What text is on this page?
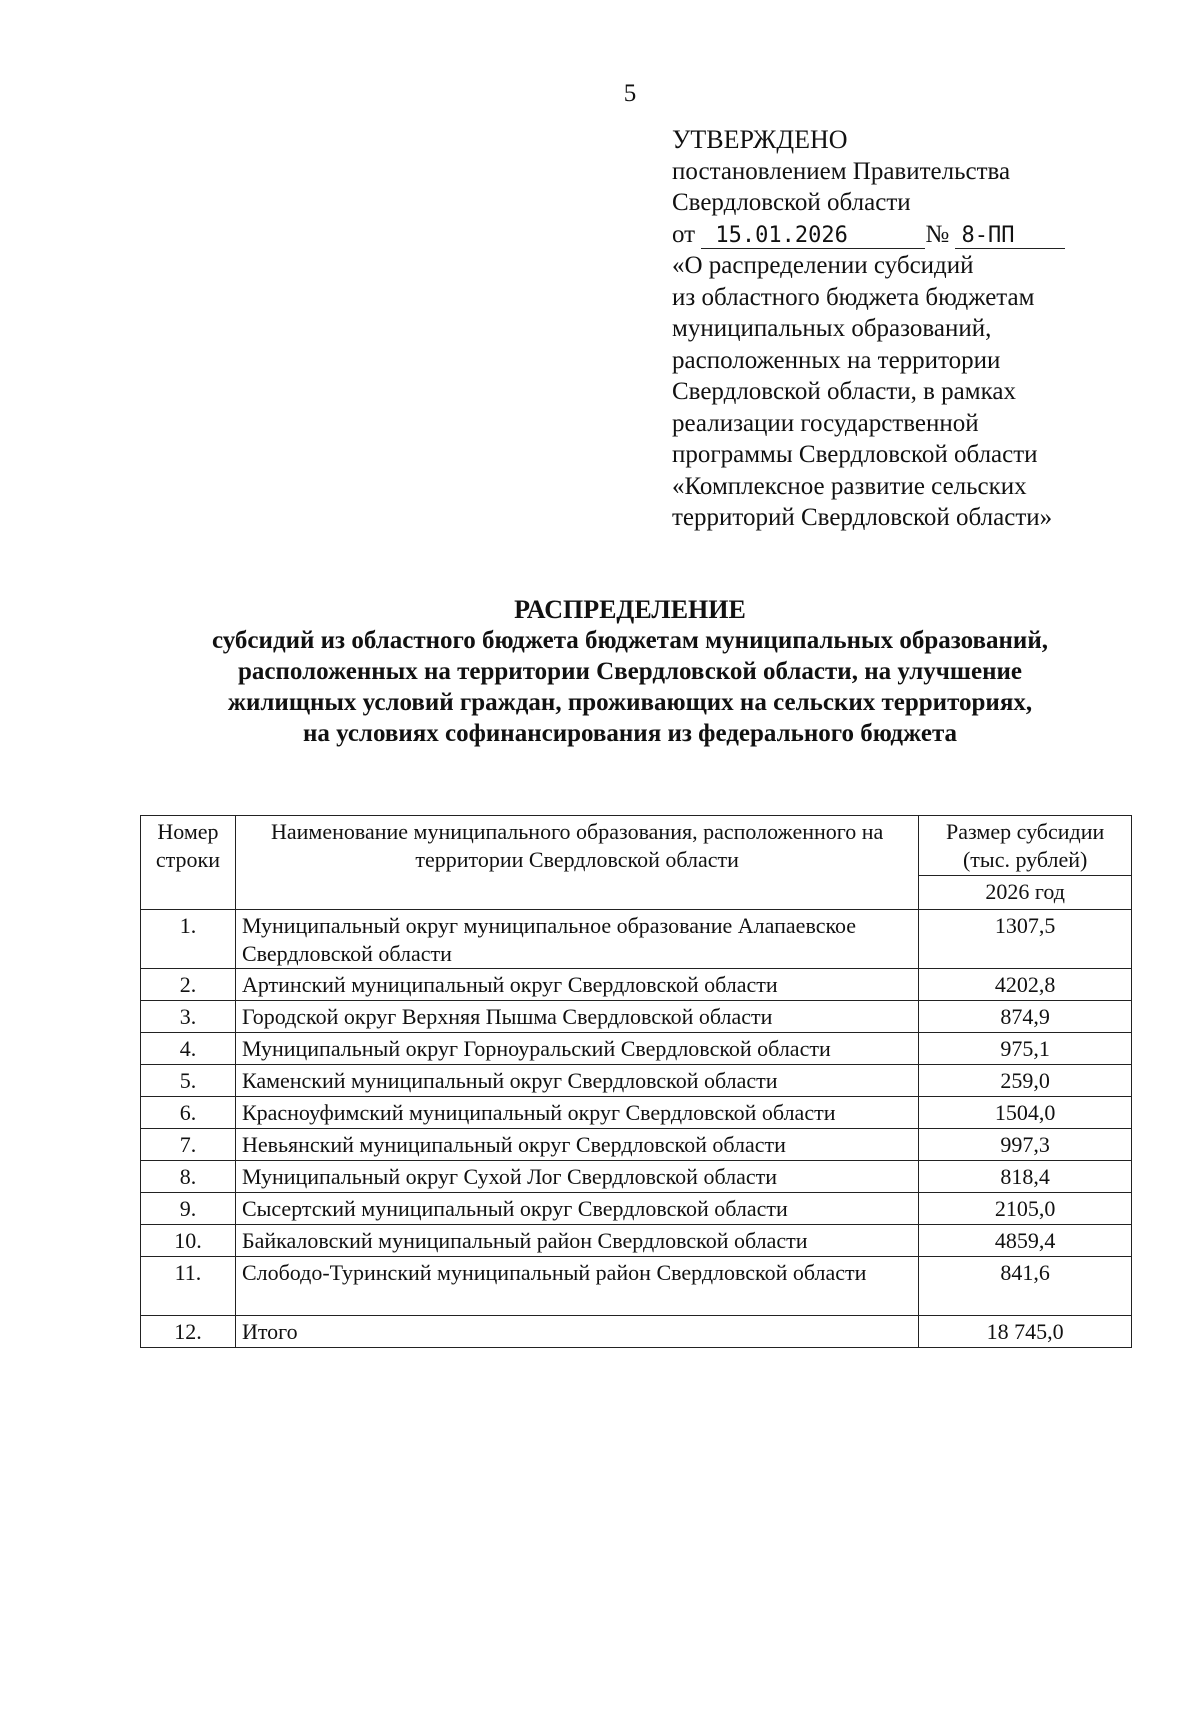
5
УТВЕРЖДЕНО
постановлением Правительства
Свердловской области
от 15.01.2026	№ 8-ПП
«О распределении субсидий
из областного бюджета бюджетам
муниципальных образований,
расположенных на территории
Свердловской области, в рамках
реализации государственной
программы Свердловской области
«Комплексное развитие сельских
территорий Свердловской области»
РАСПРЕДЕЛЕНИЕ
субсидий из областного бюджета бюджетам муниципальных образований,
расположенных на территории Свердловской области, на улучшение
жилищных условий граждан, проживающих на сельских территориях,
на условиях софинансирования из федерального бюджета
Номер строки	Наименование муниципального образования, расположенного на территории Свердловской области	Размер субсидии (тыс. рублей)
		2026 год
1.	Муниципальный округ муниципальное образование Алапаевское Свердловской области	1307,5
2.	Артинский муниципальный округ Свердловской области	4202,8
3.	Городской округ Верхняя Пышма Свердловской области	874,9
4.	Муниципальный округ Горноуральский Свердловской области	975,1
5.	Каменский муниципальный округ Свердловской области	259,0
6.	Красноуфимский муниципальный округ Свердловской области	1504,0
7.	Невьянский муниципальный округ Свердловской области	997,3
8.	Муниципальный округ Сухой Лог Свердловской области	818,4
9.	Сысертский муниципальный округ Свердловской области	2105,0
10.	Байкаловский муниципальный район Свердловской области	4859,4
11.	Слободо-Туринский муниципальный район Свердловской области	841,6
12.	Итого	18 745,0
